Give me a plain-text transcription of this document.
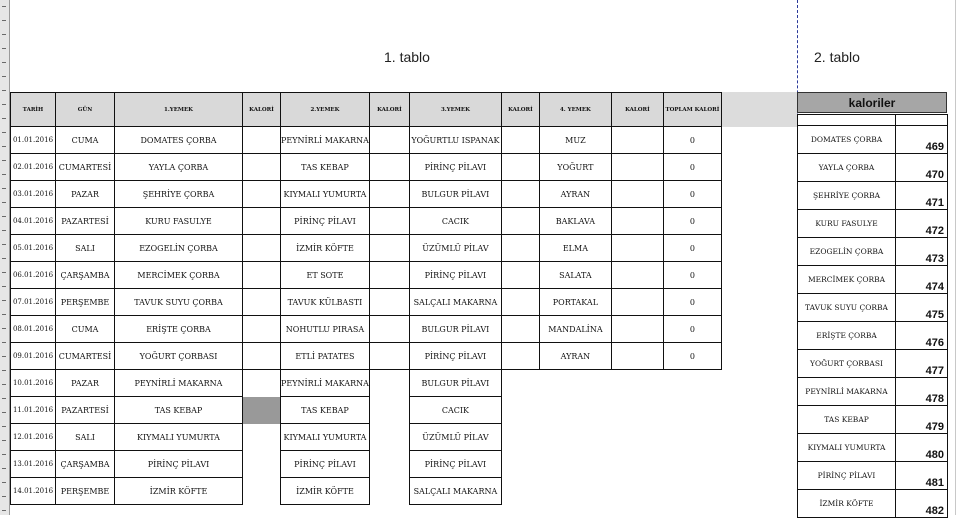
1. tablo	2. tablo
TARİH	GÜN	1.YEMEK	KALORİ	2.YEMEK	KALORİ	3.YEMEK	KALORİ	4. YEMEK	KALORİ	TOPLAM KALORİ
01.01.2016	CUMA	DOMATES ÇORBA		PEYNİRLİ MAKARNA		YOĞURTLU ISPANAK		MUZ		0
02.01.2016	CUMARTESİ	YAYLA ÇORBA		TAS KEBAP		PİRİNÇ PİLAVI		YOĞURT		0
03.01.2016	PAZAR	ŞEHRİYE ÇORBA		KIYMALI YUMURTA		BULGUR PİLAVI		AYRAN		0
04.01.2016	PAZARTESİ	KURU FASULYE		PİRİNÇ PİLAVI		CACIK		BAKLAVA		0
05.01.2016	SALI	EZOGELİN ÇORBA		İZMİR KÖFTE		ÜZÜMLÜ PİLAV		ELMA		0
06.01.2016	ÇARŞAMBA	MERCİMEK ÇORBA		ET SOTE		PİRİNÇ PİLAVI		SALATA		0
07.01.2016	PERŞEMBE	TAVUK SUYU ÇORBA		TAVUK KÜLBASTI		SALÇALI MAKARNA		PORTAKAL		0
08.01.2016	CUMA	ERİŞTE ÇORBA		NOHUTLU PIRASA		BULGUR PİLAVI		MANDALİNA		0
09.01.2016	CUMARTESİ	YOĞURT ÇORBASI		ETLİ PATATES		PİRİNÇ PİLAVI		AYRAN		0
10.01.2016	PAZAR	PEYNİRLİ MAKARNA		PEYNİRLİ MAKARNA		BULGUR PİLAVI				
11.01.2016	PAZARTESİ	TAS KEBAP		TAS KEBAP		CACIK				
12.01.2016	SALI	KIYMALI YUMURTA		KIYMALI YUMURTA		ÜZÜMLÜ PİLAV				
13.01.2016	ÇARŞAMBA	PİRİNÇ PİLAVI		PİRİNÇ PİLAVI		PİRİNÇ PİLAVI				
14.01.2016	PERŞEMBE	İZMİR KÖFTE		İZMİR KÖFTE		SALÇALI MAKARNA				
kaloriler

DOMATES ÇORBA	469
YAYLA ÇORBA	470
ŞEHRİYE ÇORBA	471
KURU FASULYE	472
EZOGELİN ÇORBA	473
MERCİMEK ÇORBA	474
TAVUK SUYU ÇORBA	475
ERİŞTE ÇORBA	476
YOĞURT ÇORBASI	477
PEYNİRLİ MAKARNA	478
TAS KEBAP	479
KIYMALI YUMURTA	480
PİRİNÇ PİLAVI	481
İZMİR KÖFTE	482
